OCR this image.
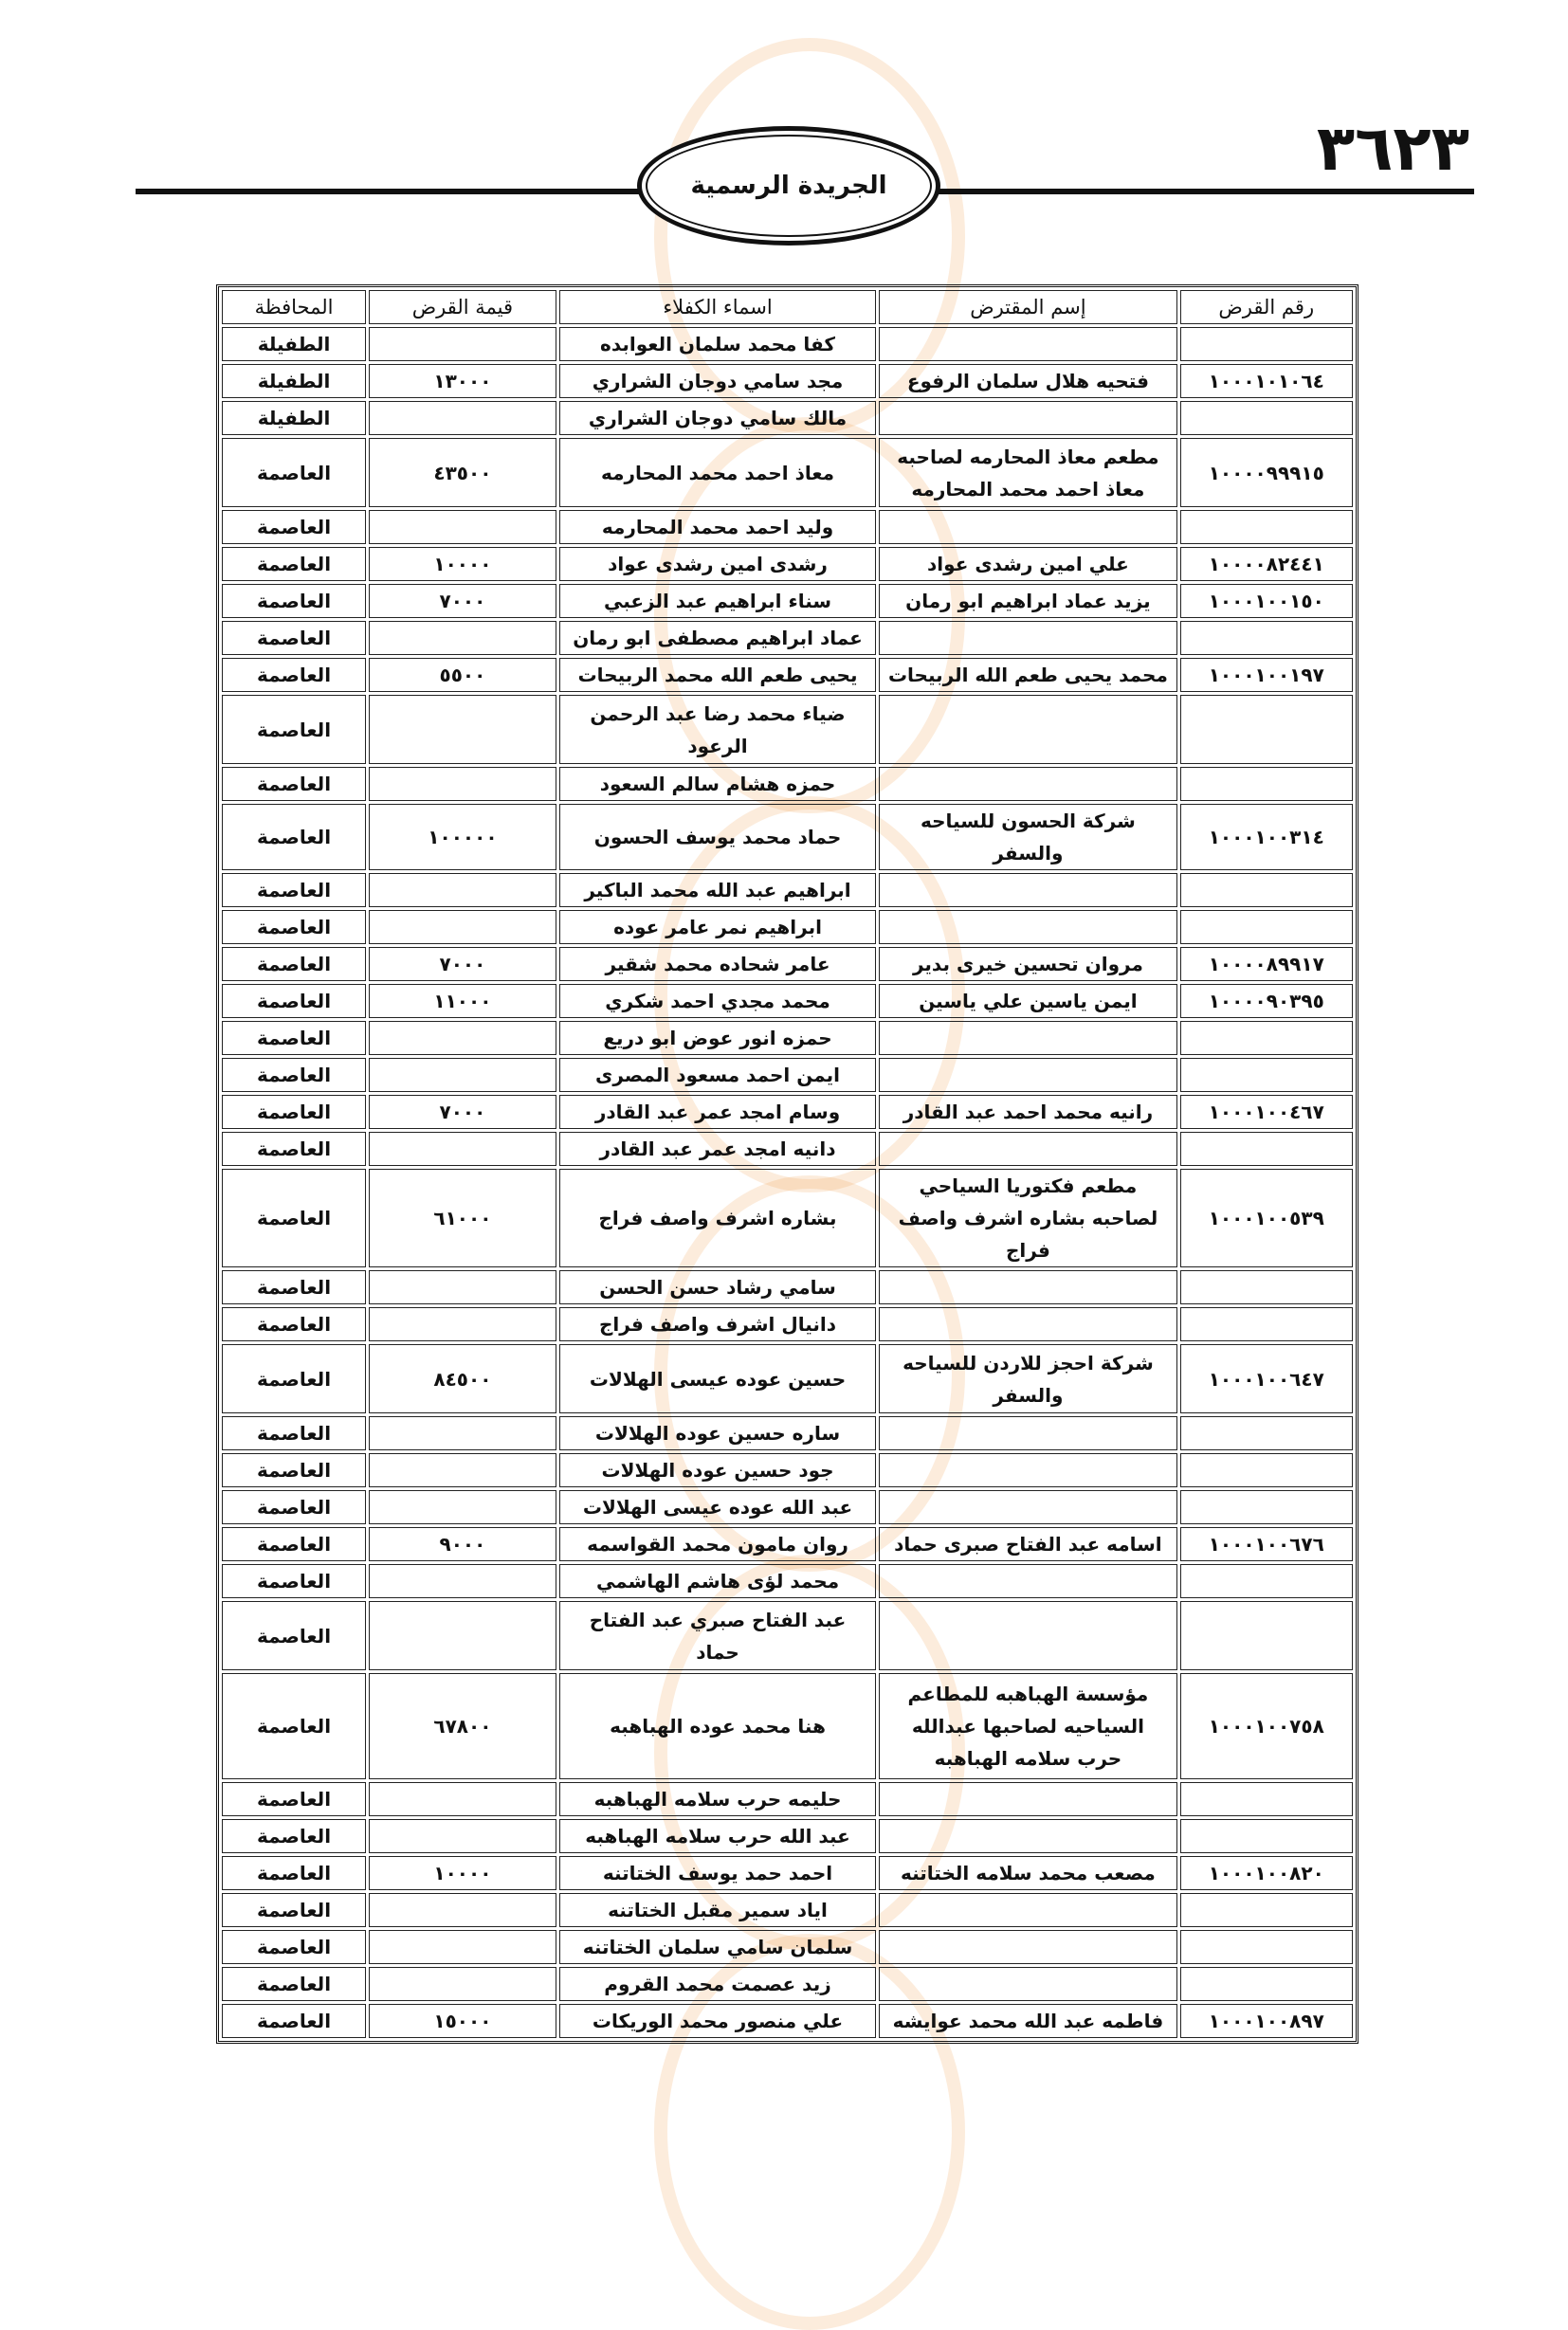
٣٦٢٣
الجريدة الرسمية
رقم القرض	إسم المقترض	اسماء الكفلاء	قيمة القرض	المحافظة
		كفا محمد سلمان العوابده		الطفيلة
١٠٠٠١٠١٠٦٤	فتحيه هلال سلمان الرفوع	مجد سامي دوجان الشراري	١٣٠٠٠	الطفيلة
		مالك سامي دوجان الشراري		الطفيلة
١٠٠٠٠٩٩٩١٥	مطعم معاذ المحارمه لصاحبه معاذ احمد محمد المحارمه	معاذ احمد محمد المحارمه	٤٣٥٠٠	العاصمة
		وليد احمد محمد المحارمه		العاصمة
١٠٠٠٠٨٢٤٤١	علي امين رشدى عواد	رشدى امين رشدى عواد	١٠٠٠٠	العاصمة
١٠٠٠١٠٠١٥٠	يزيد عماد ابراهيم ابو رمان	سناء ابراهيم عبد الزعبي	٧٠٠٠	العاصمة
		عماد ابراهيم مصطفى ابو رمان		العاصمة
١٠٠٠١٠٠١٩٧	محمد يحيى طعم الله الربيحات	يحيى طعم الله محمد الربيحات	٥٥٠٠	العاصمة
		ضياء محمد رضا عبد الرحمن الرعود		العاصمة
		حمزه هشام سالم السعود		العاصمة
١٠٠٠١٠٠٣١٤	شركة الحسون للسياحه والسفر	حماد محمد يوسف الحسون	١٠٠٠٠٠	العاصمة
		ابراهيم عبد الله محمد الباكير		العاصمة
		ابراهيم نمر عامر عوده		العاصمة
١٠٠٠٠٨٩٩١٧	مروان تحسين خيرى بدير	عامر شحاده محمد شقير	٧٠٠٠	العاصمة
١٠٠٠٠٩٠٣٩٥	ايمن ياسين علي ياسين	محمد مجدي احمد شكري	١١٠٠٠	العاصمة
		حمزه انور عوض ابو دريع		العاصمة
		ايمن احمد مسعود المصرى		العاصمة
١٠٠٠١٠٠٤٦٧	رانيه محمد احمد عبد القادر	وسام امجد عمر عبد القادر	٧٠٠٠	العاصمة
		دانيه امجد عمر عبد القادر		العاصمة
١٠٠٠١٠٠٥٣٩	مطعم فكتوريا السياحي لصاحبه بشاره اشرف واصف فراج	بشاره اشرف واصف فراج	٦١٠٠٠	العاصمة
		سامي رشاد حسن الحسن		العاصمة
		دانيال اشرف واصف فراج		العاصمة
١٠٠٠١٠٠٦٤٧	شركة احجز للاردن للسياحه والسفر	حسين عوده عيسى الهلالات	٨٤٥٠٠	العاصمة
		ساره حسين عوده الهلالات		العاصمة
		جود حسين عوده الهلالات		العاصمة
		عبد الله عوده عيسى الهلالات		العاصمة
١٠٠٠١٠٠٦٧٦	اسامه عبد الفتاح صبرى حماد	روان مامون محمد القواسمه	٩٠٠٠	العاصمة
		محمد لؤى هاشم الهاشمي		العاصمة
		عبد الفتاح صبري عبد الفتاح حماد		العاصمة
١٠٠٠١٠٠٧٥٨	مؤسسة الهباهبه للمطاعم السياحيه لصاحبها عبدالله حرب سلامه الهباهبه	هنا محمد عوده الهباهبه	٦٧٨٠٠	العاصمة
		حليمه حرب سلامه الهباهبه		العاصمة
		عبد الله حرب سلامه الهباهبه		العاصمة
١٠٠٠١٠٠٨٢٠	مصعب محمد سلامه الختاتنه	احمد حمد يوسف الختاتنه	١٠٠٠٠	العاصمة
		اياد سمير مقبل الختاتنه		العاصمة
		سلمان سامي سلمان الختاتنه		العاصمة
		زيد عصمت محمد القروم		العاصمة
١٠٠٠١٠٠٨٩٧	فاطمه عبد الله محمد عوايشه	علي منصور محمد الوريكات	١٥٠٠٠	العاصمة
